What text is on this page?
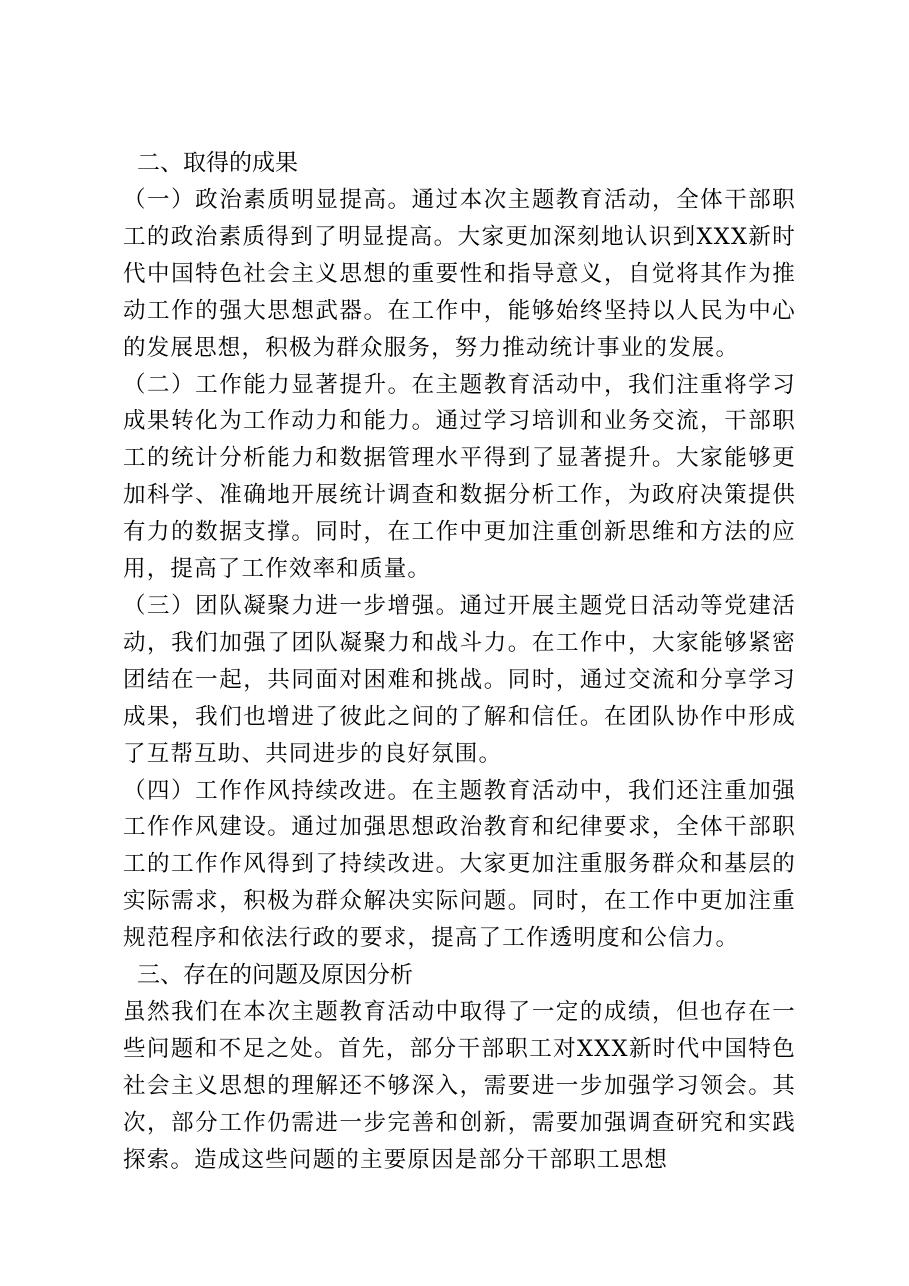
二、取得的成果

（一）政治素质明显提高。通过本次主题教育活动，全体干部职工的政治素质得到了明显提高。大家更加深刻地认识到XXX新时代中国特色社会主义思想的重要性和指导意义，自觉将其作为推动工作的强大思想武器。在工作中，能够始终坚持以人民为中心的发展思想，积极为群众服务，努力推动统计事业的发展。

（二）工作能力显著提升。在主题教育活动中，我们注重将学习成果转化为工作动力和能力。通过学习培训和业务交流，干部职工的统计分析能力和数据管理水平得到了显著提升。大家能够更加科学、准确地开展统计调查和数据分析工作，为政府决策提供有力的数据支撑。同时，在工作中更加注重创新思维和方法的应用，提高了工作效率和质量。

（三）团队凝聚力进一步增强。通过开展主题党日活动等党建活动，我们加强了团队凝聚力和战斗力。在工作中，大家能够紧密团结在一起，共同面对困难和挑战。同时，通过交流和分享学习成果，我们也增进了彼此之间的了解和信任。在团队协作中形成了互帮互助、共同进步的良好氛围。

（四）工作作风持续改进。在主题教育活动中，我们还注重加强工作作风建设。通过加强思想政治教育和纪律要求，全体干部职工的工作作风得到了持续改进。大家更加注重服务群众和基层的实际需求，积极为群众解决实际问题。同时，在工作中更加注重规范程序和依法行政的要求，提高了工作透明度和公信力。

三、存在的问题及原因分析

虽然我们在本次主题教育活动中取得了一定的成绩，但也存在一些问题和不足之处。首先，部分干部职工对XXX新时代中国特色社会主义思想的理解还不够深入，需要进一步加强学习领会。其次，部分工作仍需进一步完善和创新，需要加强调查研究和实践探索。造成这些问题的主要原因是部分干部职工思想
